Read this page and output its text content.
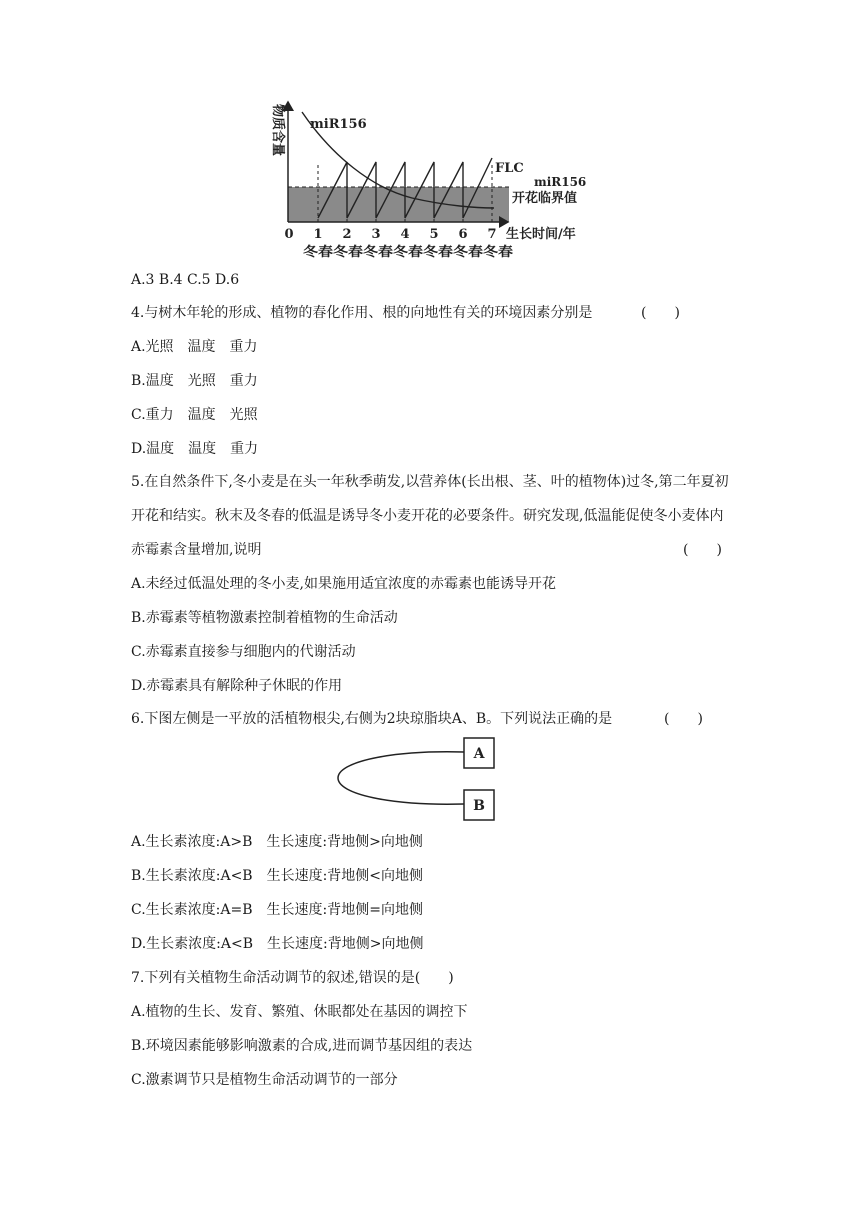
物质含量 miR156
FLC
miR156
开花临界值
0 1 2 3 4 5 6 7 生长时间/年
冬春冬春冬春冬春冬春冬春冬春
A.3 B.4 C.5 D.6
4.与树木年轮的形成、植物的春化作用、根的向地性有关的环境因素分别是	(　　)
A.光照　温度　重力
B.温度　光照　重力
C.重力　温度　光照
D.温度　温度　重力
5.在自然条件下,冬小麦是在头一年秋季萌发,以营养体(长出根、茎、叶的植物体)过冬,第二年夏初开花和结实。秋末及冬春的低温是诱导冬小麦开花的必要条件。研究发现,低温能促使冬小麦体内赤霉素含量增加,说明	(　　)
A.未经过低温处理的冬小麦,如果施用适宜浓度的赤霉素也能诱导开花
B.赤霉素等植物激素控制着植物的生命活动
C.赤霉素直接参与细胞内的代谢活动
D.赤霉素具有解除种子休眠的作用
6.下图左侧是一平放的活植物根尖,右侧为2块琼脂块A、B。下列说法正确的是	(　　)
A
B
A.生长素浓度:A>B　生长速度:背地侧>向地侧
B.生长素浓度:A<B　生长速度:背地侧<向地侧
C.生长素浓度:A=B　生长速度:背地侧=向地侧
D.生长素浓度:A<B　生长速度:背地侧>向地侧
7.下列有关植物生命活动调节的叙述,错误的是(　　)
A.植物的生长、发育、繁殖、休眠都处在基因的调控下
B.环境因素能够影响激素的合成,进而调节基因组的表达
C.激素调节只是植物生命活动调节的一部分
